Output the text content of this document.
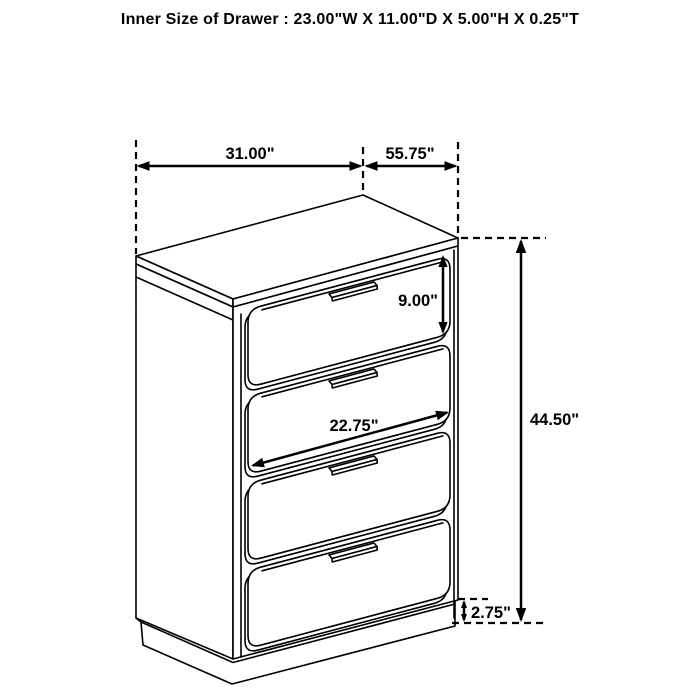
Inner Size of Drawer : 23.00"W X 11.00"D X 5.00"H X 0.25"T
31.00"	55.75"
9.00"
22.75"	44.50"
2.75"
